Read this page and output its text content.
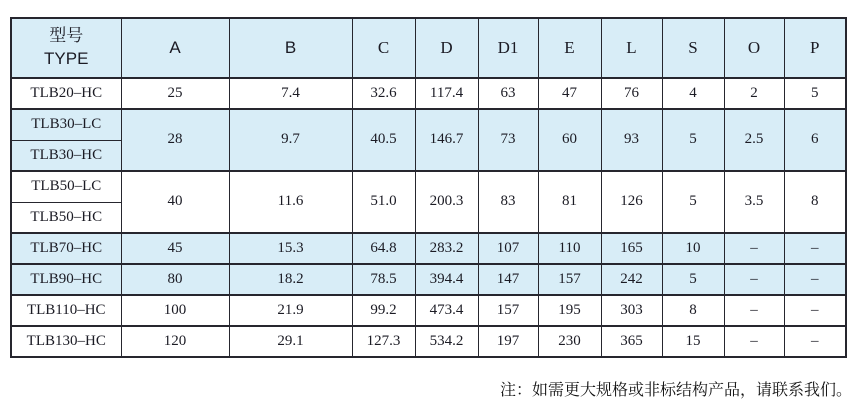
型号
TYPE	A	B	C	D	D1	E	L	S	O	P
TLB20–HC	25	7.4	32.6	117.4	63	47	76	4	2	5
TLB30–LC	28	9.7	40.5	146.7	73	60	93	5	2.5	6
TLB30–HC										
TLB50–LC	40	11.6	51.0	200.3	83	81	126	5	3.5	8
TLB50–HC										
TLB70–HC	45	15.3	64.8	283.2	107	110	165	10	–	–
TLB90–HC	80	18.2	78.5	394.4	147	157	242	5	–	–
TLB110–HC	100	21.9	99.2	473.4	157	195	303	8	–	–
TLB130–HC	120	29.1	127.3	534.2	197	230	365	15	–	–
注：如需更大规格或非标结构产品，请联系我们。
